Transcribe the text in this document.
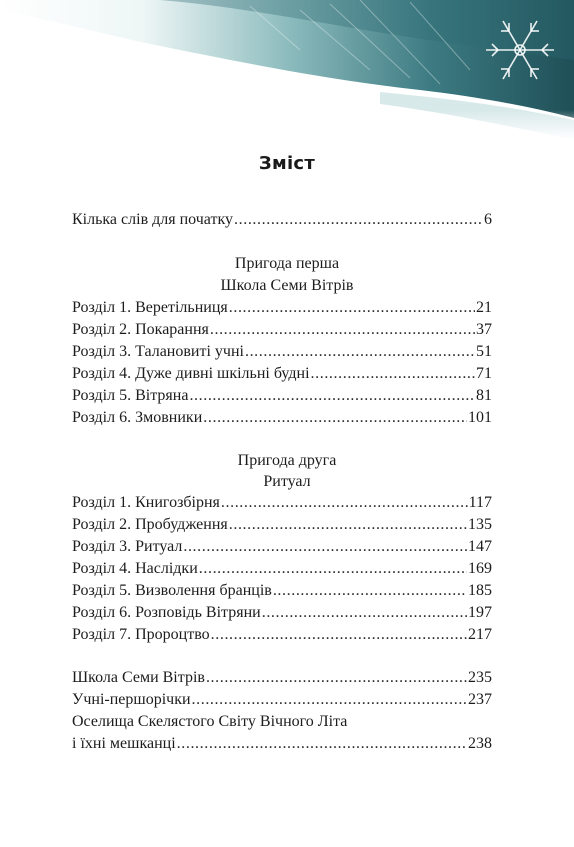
Зміст
Кілька слів для початку .....	6
Пригода перша
Школа Семи Вітрів
Розділ 1. Веретільниця .....	21
Розділ 2. Покарання .....	37
Розділ 3. Талановиті учні .....	51
Розділ 4. Дуже дивні шкільні будні .....	71
Розділ 5. Вітряна .....	81
Розділ 6. Змовники .....	101
Пригода друга
Ритуал
Розділ 1. Книгозбірня .....	117
Розділ 2. Пробудження .....	135
Розділ 3. Ритуал .....	147
Розділ 4. Наслідки .....	169
Розділ 5. Визволення бранців .....	185
Розділ 6. Розповідь Вітряни .....	197
Розділ 7. Пророцтво .....	217
Школа Семи Вітрів .....	235
Учні-першорічки .....	237
Оселища Скелястого Світу Вічного Літа
і їхні мешканці .....	238
